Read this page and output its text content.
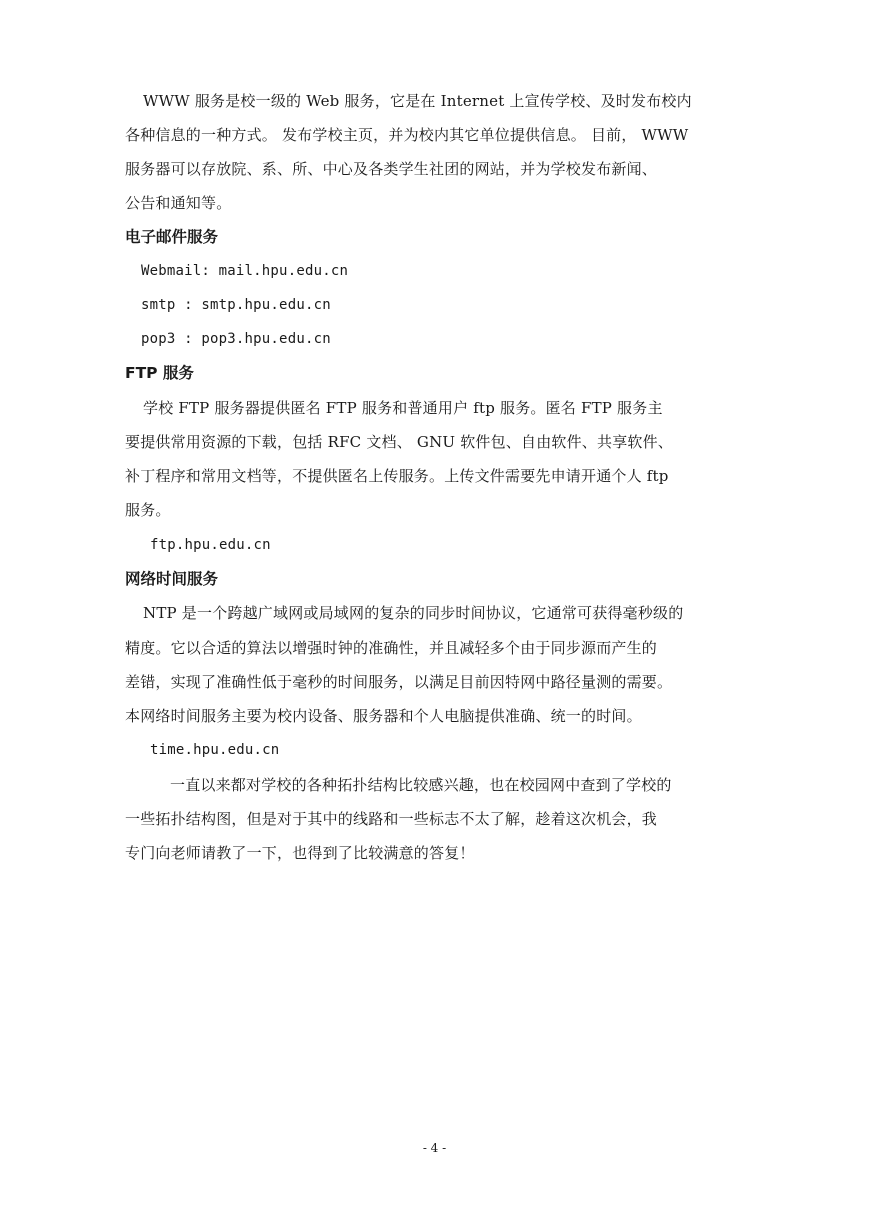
WWW 服务是校一级的 Web 服务，它是在 Internet 上宣传学校、及时发布校内
各种信息的一种方式。 发布学校主页，并为校内其它单位提供信息。 目前， WWW
服务器可以存放院、系、所、中心及各类学生社团的网站，并为学校发布新闻、
公告和通知等。
电子邮件服务
Webmail: mail.hpu.edu.cn
smtp : smtp.hpu.edu.cn
pop3 : pop3.hpu.edu.cn
FTP 服务
学校 FTP 服务器提供匿名 FTP 服务和普通用户 ftp 服务。匿名 FTP 服务主
要提供常用资源的下载，包括 RFC 文档、 GNU 软件包、自由软件、共享软件、
补丁程序和常用文档等，不提供匿名上传服务。上传文件需要先申请开通个人 ftp
服务。
ftp.hpu.edu.cn
网络时间服务
NTP 是一个跨越广域网或局域网的复杂的同步时间协议，它通常可获得毫秒级的
精度。它以合适的算法以增强时钟的准确性，并且减轻多个由于同步源而产生的
差错，实现了准确性低于毫秒的时间服务，以满足目前因特网中路径量测的需要。
本网络时间服务主要为校内设备、服务器和个人电脑提供准确、统一的时间。
time.hpu.edu.cn
一直以来都对学校的各种拓扑结构比较感兴趣，也在校园网中查到了学校的
一些拓扑结构图，但是对于其中的线路和一些标志不太了解，趁着这次机会，我
专门向老师请教了一下，也得到了比较满意的答复！
- 4 -
